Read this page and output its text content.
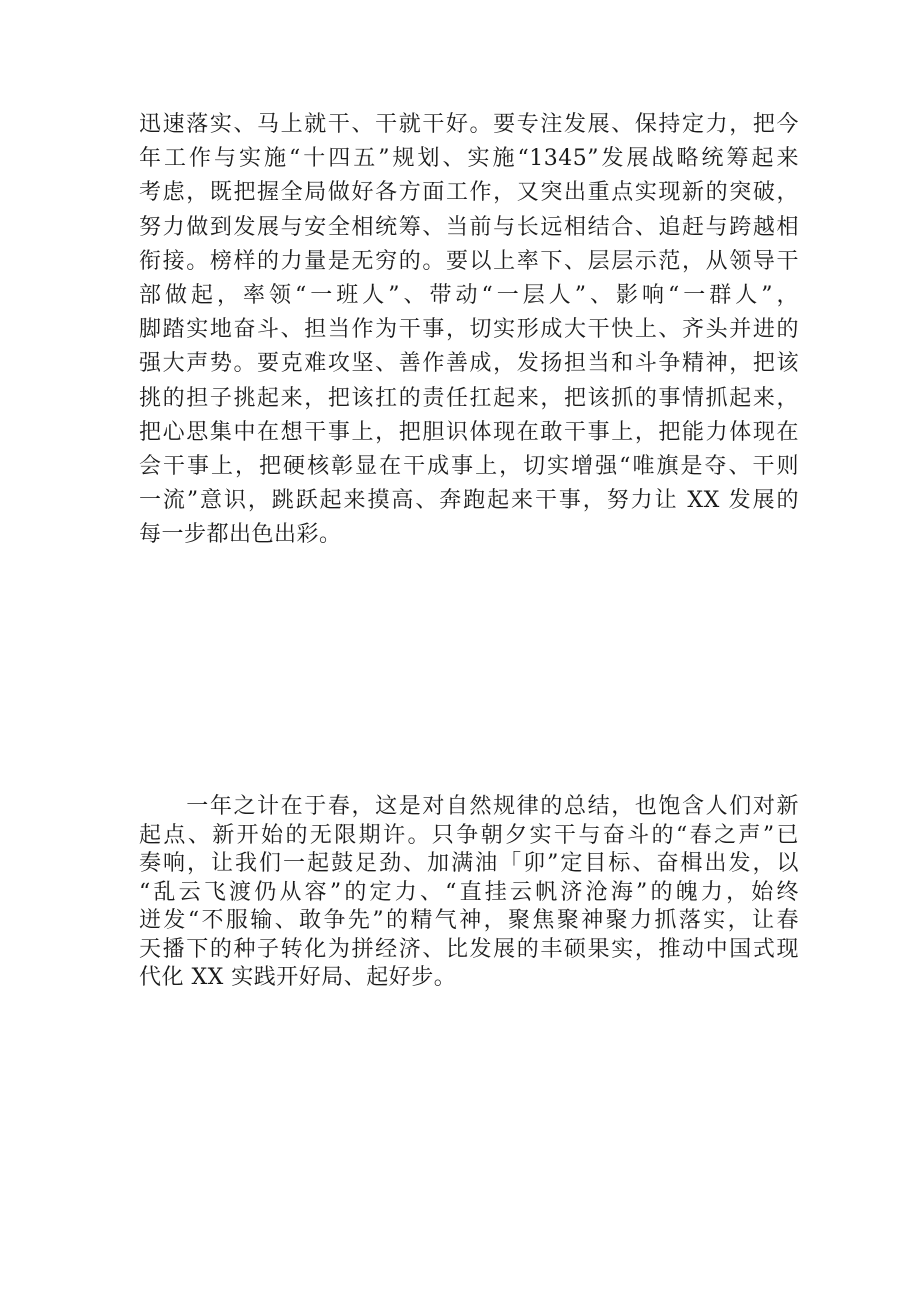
迅速落实、马上就干、干就干好。要专注发展、保持定力，把今
年工作与实施“十四五”规划、实施“1345”发展战略统筹起来
考虑，既把握全局做好各方面工作，又突出重点实现新的突破，
努力做到发展与安全相统筹、当前与长远相结合、追赶与跨越相
衔接。榜样的力量是无穷的。要以上率下、层层示范，从领导干
部做起，率领“一班人”、带动“一层人”、影响“一群人”，
脚踏实地奋斗、担当作为干事，切实形成大干快上、齐头并进的
强大声势。要克难攻坚、善作善成，发扬担当和斗争精神，把该
挑的担子挑起来，把该扛的责任扛起来，把该抓的事情抓起来，
把心思集中在想干事上，把胆识体现在敢干事上，把能力体现在
会干事上，把硬核彰显在干成事上，切实增强“唯旗是夺、干则
一流”意识，跳跃起来摸高、奔跑起来干事，努力让 XX 发展的
每一步都出色出彩。

　　一年之计在于春，这是对自然规律的总结，也饱含人们对新
起点、新开始的无限期许。只争朝夕实干与奋斗的“春之声”已
奏响，让我们一起鼓足劲、加满油「卯”定目标、奋楫出发，以
“乱云飞渡仍从容”的定力、“直挂云帆济沧海”的魄力，始终
迸发“不服输、敢争先”的精气神，聚焦聚神聚力抓落实，让春
天播下的种子转化为拼经济、比发展的丰硕果实，推动中国式现
代化 XX 实践开好局、起好步。
